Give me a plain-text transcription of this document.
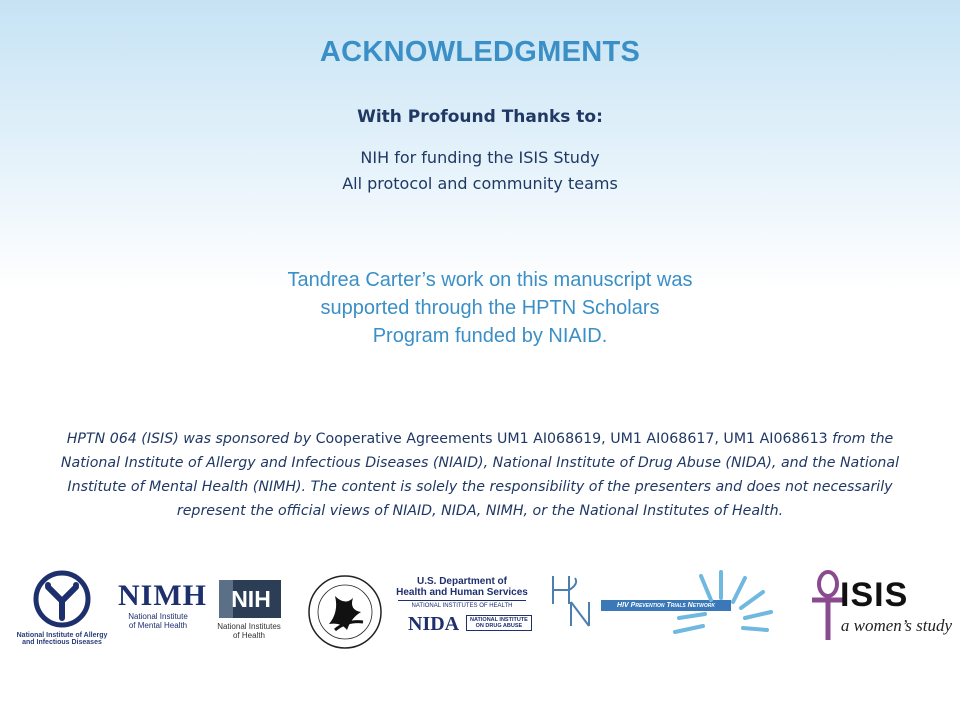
ACKNOWLEDGMENTS
With Profound Thanks to:
NIH for funding the ISIS Study
All protocol and community teams
Tandrea Carter’s work on this manuscript was supported through the HPTN Scholars Program funded by NIAID.
HPTN 064 (ISIS) was sponsored by Cooperative Agreements UM1 AI068619, UM1 AI068617, UM1 AI068613 from the National Institute of Allergy and Infectious Diseases (NIAID), National Institute of Drug Abuse (NIDA), and the National Institute of Mental Health (NIMH). The content is solely the responsibility of the presenters and does not necessarily represent the official views of NIAID, NIDA, NIMH, or the National Institutes of Health.
National Institute of Allergy
and Infectious Diseases
NIMH
National Institute
of Mental Health
NIH
National Institutes
of Health
U.S. Department of
Health and Human Services
NATIONAL INSTITUTES OF HEALTH
NIDA NATIONAL INSTITUTE
ON DRUG ABUSE
HIV Prevention Trials Network	ISIS
a women’s study
